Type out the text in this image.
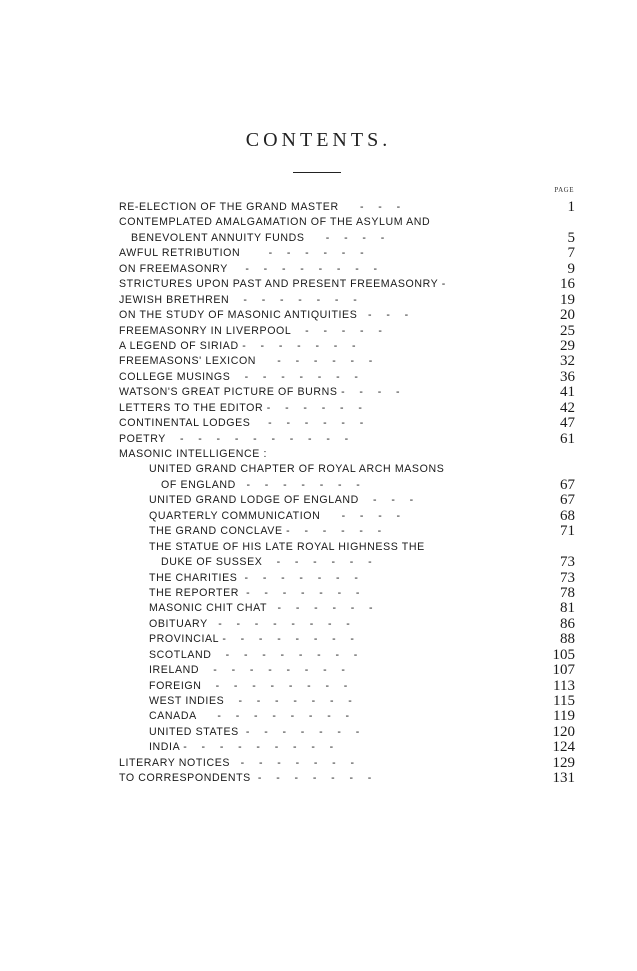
CONTENTS.
PAGE
RE-ELECTION OF THE GRAND MASTER      -    -    -	1
CONTEMPLATED AMALGAMATION OF THE ASYLUM AND
BENEVOLENT ANNUITY FUNDS      -    -    -    -	5
AWFUL RETRIBUTION        -    -    -    -    -    -	7
ON FREEMASONRY     -    -    -    -    -    -    -    -	9
STRICTURES UPON PAST AND PRESENT FREEMASONRY -	16
JEWISH BRETHREN    -    -    -    -    -    -    -	19
ON THE STUDY OF MASONIC ANTIQUITIES   -    -    -	20
FREEMASONRY IN LIVERPOOL    -    -    -    -    -	25
A LEGEND OF SIRIAD -    -    -    -    -    -    -	29
FREEMASONS' LEXICON      -    -    -    -    -    -	32
COLLEGE MUSINGS    -    -    -    -    -    -    -	36
WATSON'S GREAT PICTURE OF BURNS -    -    -    -	41
LETTERS TO THE EDITOR -    -    -    -    -    -	42
CONTINENTAL LODGES     -    -    -    -    -    -	47
POETRY    -    -    -    -    -    -    -    -    -    -	61
MASONIC INTELLIGENCE :
UNITED GRAND CHAPTER OF ROYAL ARCH MASONS
OF ENGLAND   -    -    -    -    -    -    -	67
UNITED GRAND LODGE OF ENGLAND    -    -    -	67
QUARTERLY COMMUNICATION      -    -    -    -	68
THE GRAND CONCLAVE -    -    -    -    -    -	71
THE STATUE OF HIS LATE ROYAL HIGHNESS THE
DUKE OF SUSSEX    -    -    -    -    -    -	73
THE CHARITIES  -    -    -    -    -    -    -	73
THE REPORTER  -    -    -    -    -    -    -	78
MASONIC CHIT CHAT   -    -    -    -    -    -	81
OBITUARY   -    -    -    -    -    -    -    -	86
PROVINCIAL -    -    -    -    -    -    -    -	88
SCOTLAND    -    -    -    -    -    -    -    -	105
IRELAND    -    -    -    -    -    -    -    -	107
FOREIGN    -    -    -    -    -    -    -    -	113
WEST INDIES    -    -    -    -    -    -    -	115
CANADA      -    -    -    -    -    -    -    -	119
UNITED STATES  -    -    -    -    -    -    -	120
INDIA -    -    -    -    -    -    -    -    -	124
LITERARY NOTICES   -    -    -    -    -    -    -	129
TO CORRESPONDENTS  -    -    -    -    -    -    -	131
